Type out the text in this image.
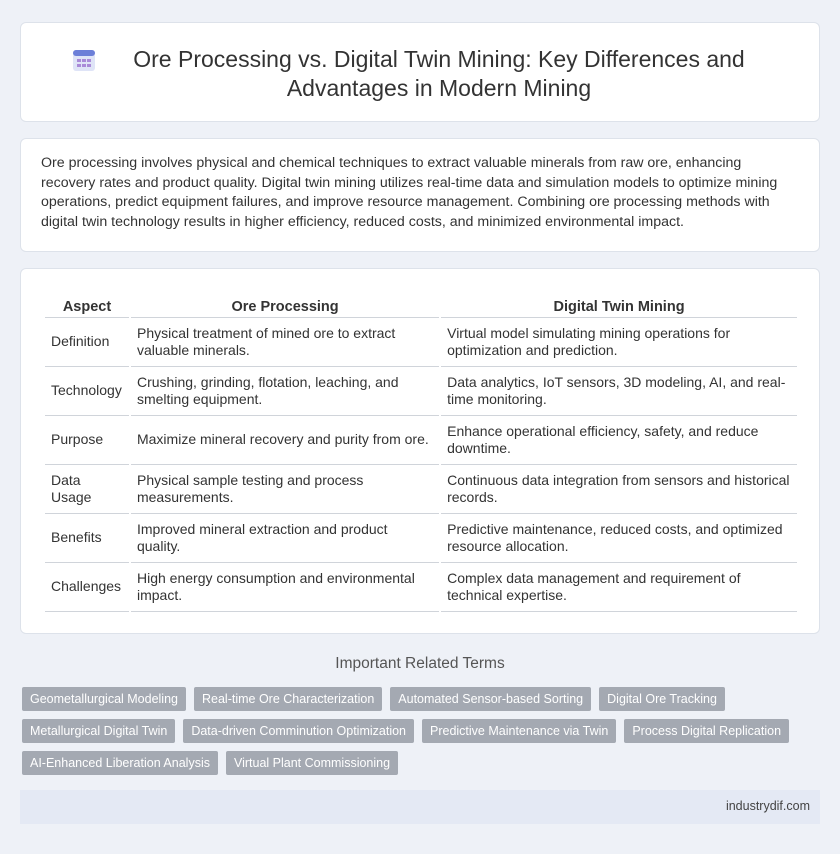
Ore Processing vs. Digital Twin Mining: Key Differences and Advantages in Modern Mining

Ore processing involves physical and chemical techniques to extract valuable minerals from raw ore, enhancing recovery rates and product quality. Digital twin mining utilizes real-time data and simulation models to optimize mining operations, predict equipment failures, and improve resource management. Combining ore processing methods with digital twin technology results in higher efficiency, reduced costs, and minimized environmental impact.

Aspect	Ore Processing	Digital Twin Mining
Definition	Physical treatment of mined ore to extract valuable minerals.	Virtual model simulating mining operations for optimization and prediction.
Technology	Crushing, grinding, flotation, leaching, and smelting equipment.	Data analytics, IoT sensors, 3D modeling, AI, and real-time monitoring.
Purpose	Maximize mineral recovery and purity from ore.	Enhance operational efficiency, safety, and reduce downtime.
Data Usage	Physical sample testing and process measurements.	Continuous data integration from sensors and historical records.
Benefits	Improved mineral extraction and product quality.	Predictive maintenance, reduced costs, and optimized resource allocation.
Challenges	High energy consumption and environmental impact.	Complex data management and requirement of technical expertise.
Important Related Terms
Geometallurgical Modeling	Real-time Ore Characterization	Automated Sensor-based Sorting	Digital Ore Tracking
Metallurgical Digital Twin	Data-driven Comminution Optimization	Predictive Maintenance via Twin	Process Digital Replication
AI-Enhanced Liberation Analysis	Virtual Plant Commissioning
industrydif.com
